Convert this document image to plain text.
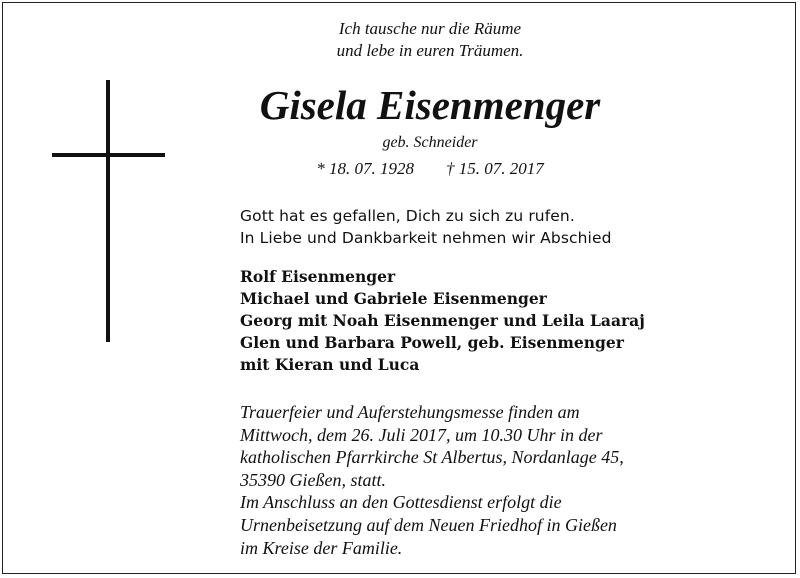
Ich tausche nur die Räume
und lebe in euren Träumen.
Gisela Eisenmenger
geb. Schneider
* 18. 07. 1928 † 15. 07. 2017
Gott hat es gefallen, Dich zu sich zu rufen.
In Liebe und Dankbarkeit nehmen wir Abschied
Rolf Eisenmenger
Michael und Gabriele Eisenmenger
Georg mit Noah Eisenmenger und Leila Laaraj
Glen und Barbara Powell, geb. Eisenmenger
mit Kieran und Luca
Trauerfeier und Auferstehungsmesse finden am
Mittwoch, dem 26. Juli 2017, um 10.30 Uhr in der
katholischen Pfarrkirche St Albertus, Nordanlage 45,
35390 Gießen, statt.
Im Anschluss an den Gottesdienst erfolgt die
Urnenbeisetzung auf dem Neuen Friedhof in Gießen
im Kreise der Familie.
